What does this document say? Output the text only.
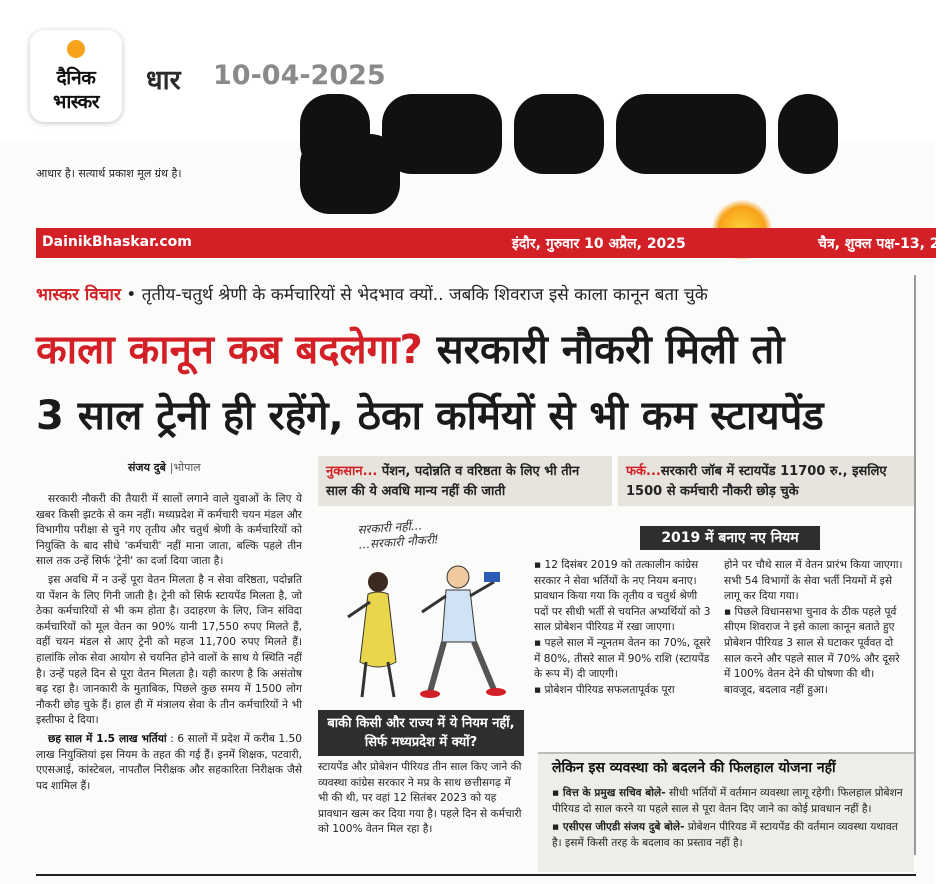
दैनिक
भास्कर
धार 10-04-2025
आधार है। सत्यार्थ प्रकाश मूल ग्रंथ है।
DainikBhaskar.com	इंदौर, गुरुवार 10 अप्रैल, 2025	चैत्र, शुक्ल पक्ष-13, 20
भास्कर विचार • तृतीय-चतुर्थ श्रेणी के कर्मचारियों से भेदभाव क्यों.. जबकि शिवराज इसे काला कानून बता चुके
काला कानून कब बदलेगा? सरकारी नौकरी मिली तो
3 साल ट्रेनी ही रहेंगे, ठेका कर्मियों से भी कम स्टायपेंड
संजय दुबे |भोपाल

सरकारी नौकरी की तैयारी में सालों लगाने वाले युवाओं के लिए ये खबर किसी झटके से कम नहीं। मध्यप्रदेश में कर्मचारी चयन मंडल और विभागीय परीक्षा से चुने गए तृतीय और चतुर्थ श्रेणी के कर्मचारियों को नियुक्ति के बाद सीधे 'कर्मचारी' नहीं माना जाता, बल्कि पहले तीन साल तक उन्हें सिर्फ 'ट्रेनी' का दर्जा दिया जाता है।

इस अवधि में न उन्हें पूरा वेतन मिलता है न सेवा वरिष्ठता, पदोन्नति या पेंशन के लिए गिनी जाती है। ट्रेनी को सिर्फ स्टायपेंड मिलता है, जो ठेका कर्मचारियों से भी कम होता है। उदाहरण के लिए, जिन संविदा कर्मचारियों को मूल वेतन का 90% यानी 17,550 रुपए मिलते हैं, वहीं चयन मंडल से आए ट्रेनी को महज 11,700 रुपए मिलते हैं। हालांकि लोक सेवा आयोग से चयनित होने वालों के साथ ये स्थिति नहीं है। उन्हें पहले दिन से पूरा वेतन मिलता है। यही कारण है कि असंतोष बढ़ रहा है। जानकारी के मुताबिक, पिछले कुछ समय में 1500 लोग नौकरी छोड़ चुके हैं। हाल ही में मंत्रालय सेवा के तीन कर्मचारियों ने भी इस्तीफा दे दिया।

छह साल में 1.5 लाख भर्तियां : 6 सालों में प्रदेश में करीब 1.50 लाख नियुक्तियां इस नियम के तहत की गई हैं। इनमें शिक्षक, पटवारी, एएसआई, कांस्टेबल, नापतौल निरीक्षक और सहकारिता निरीक्षक जैसे पद शामिल हैं।

नुकसान... पेंशन, पदोन्नति व वरिष्ठता के लिए भी तीन साल की ये अवधि मान्य नहीं की जाती
फर्क...सरकारी जॉब में स्टायपेंड 11700 रु., इसलिए 1500 से कर्मचारी नौकरी छोड़ चुके
सरकारी नहीं...
...सरकारी नौकरी!
बाकी किसी और राज्य में ये नियम नहीं, सिर्फ मध्यप्रदेश में क्यों?
स्टायपेंड और प्रोबेशन पीरियड तीन साल किए जाने की व्यवस्था कांग्रेस सरकार ने मप्र के साथ छत्तीसगढ़ में भी की थी, पर वहां 12 सितंबर 2023 को यह प्रावधान खत्म कर दिया गया है। पहले दिन से कर्मचारी को 100% वेतन मिल रहा है।
2019 में बनाए नए नियम

▪ 12 दिसंबर 2019 को तत्कालीन कांग्रेस सरकार ने सेवा भर्तियों के नए नियम बनाए। प्रावधान किया गया कि तृतीय व चतुर्थ श्रेणी पदों पर सीधी भर्ती से चयनित अभ्यर्थियों को 3 साल प्रोबेशन पीरियड में रखा जाएगा।

▪ पहले साल में न्यूनतम वेतन का 70%, दूसरे में 80%, तीसरे साल में 90% राशि (स्टायपेंड के रूप में) दी जाएगी।

▪ प्रोबेशन पीरियड सफलतापूर्वक पूरा

होने पर चौथे साल में वेतन प्रारंभ किया जाएगा। सभी 54 विभागों के सेवा भर्ती नियमों में इसे लागू कर दिया गया।

▪ पिछले विधानसभा चुनाव के ठीक पहले पूर्व सीएम शिवराज ने इसे काला कानून बताते हुए प्रोबेशन पीरियड 3 साल से घटाकर पूर्ववत दो साल करने और पहले साल में 70% और दूसरे में 100% वेतन देने की घोषणा की थी। बावजूद, बदलाव नहीं हुआ।

लेकिन इस व्यवस्था को बदलने की फिलहाल योजना नहीं

▪ वित्त के प्रमुख सचिव बोले- सीधी भर्तियों में वर्तमान व्यवस्था लागू रहेगी। फिलहाल प्रोबेशन पीरियड दो साल करने या पहले साल से पूरा वेतन दिए जाने का कोई प्रावधान नहीं है।

▪ एसीएस जीएडी संजय दुबे बोले- प्रोबेशन पीरियड में स्टायपेंड की वर्तमान व्यवस्था यथावत है। इसमें किसी तरह के बदलाव का प्रस्ताव नहीं है।
